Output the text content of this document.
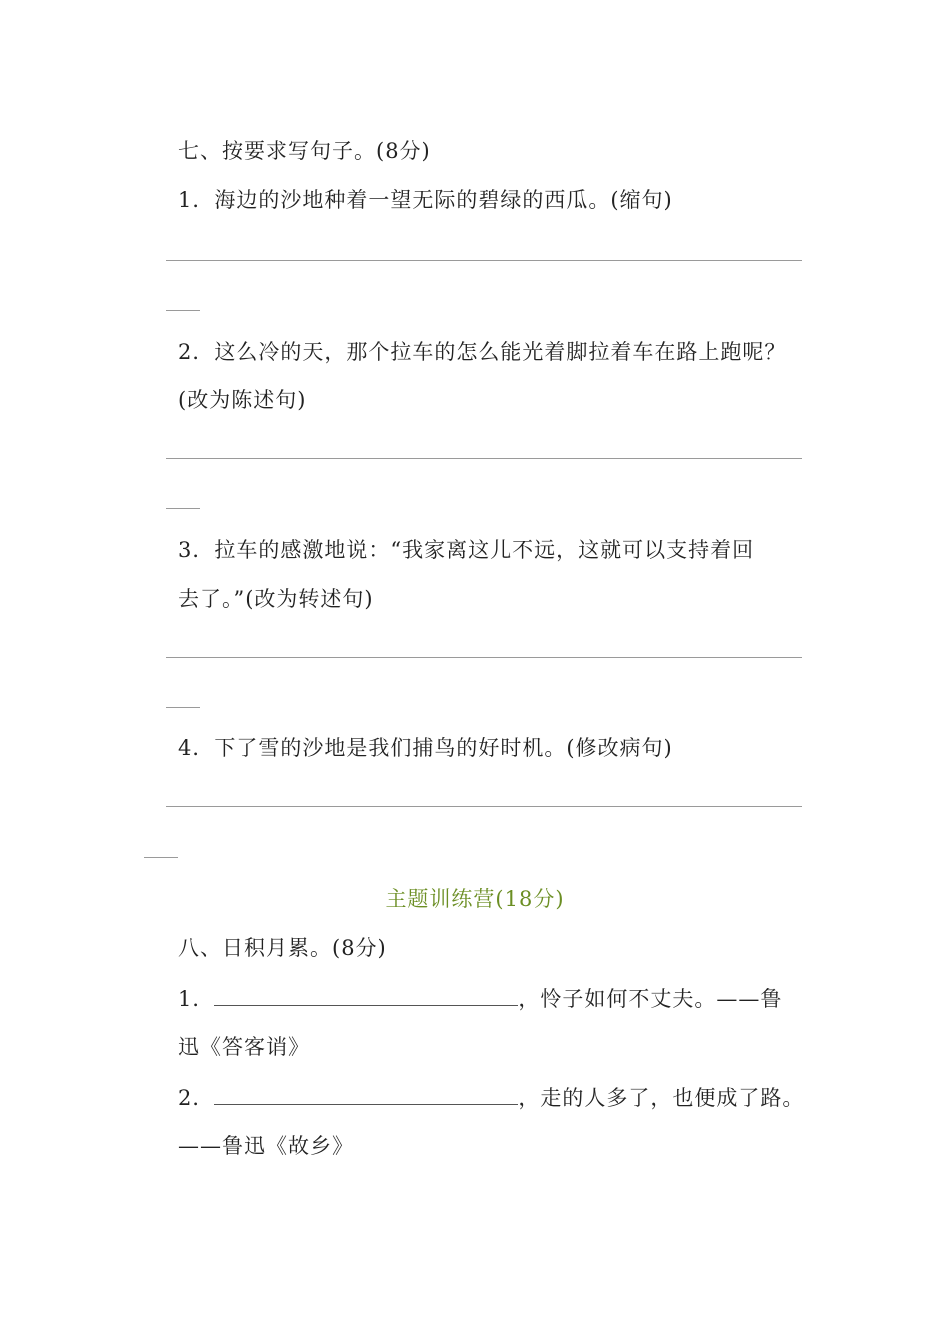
七、按要求写句子。(8分)
1．海边的沙地种着一望无际的碧绿的西瓜。(缩句)
2．这么冷的天，那个拉车的怎么能光着脚拉着车在路上跑呢？
(改为陈述句)
3．拉车的感激地说：“我家离这儿不远，这就可以支持着回
去了。”(改为转述句)
4．下了雪的沙地是我们捕鸟的好时机。(修改病句)
主题训练营(18分)
八、日积月累。(8分)
1．	，怜子如何不丈夫。——鲁
迅《答客诮》
2．	，走的人多了，也便成了路。
——鲁迅《故乡》
